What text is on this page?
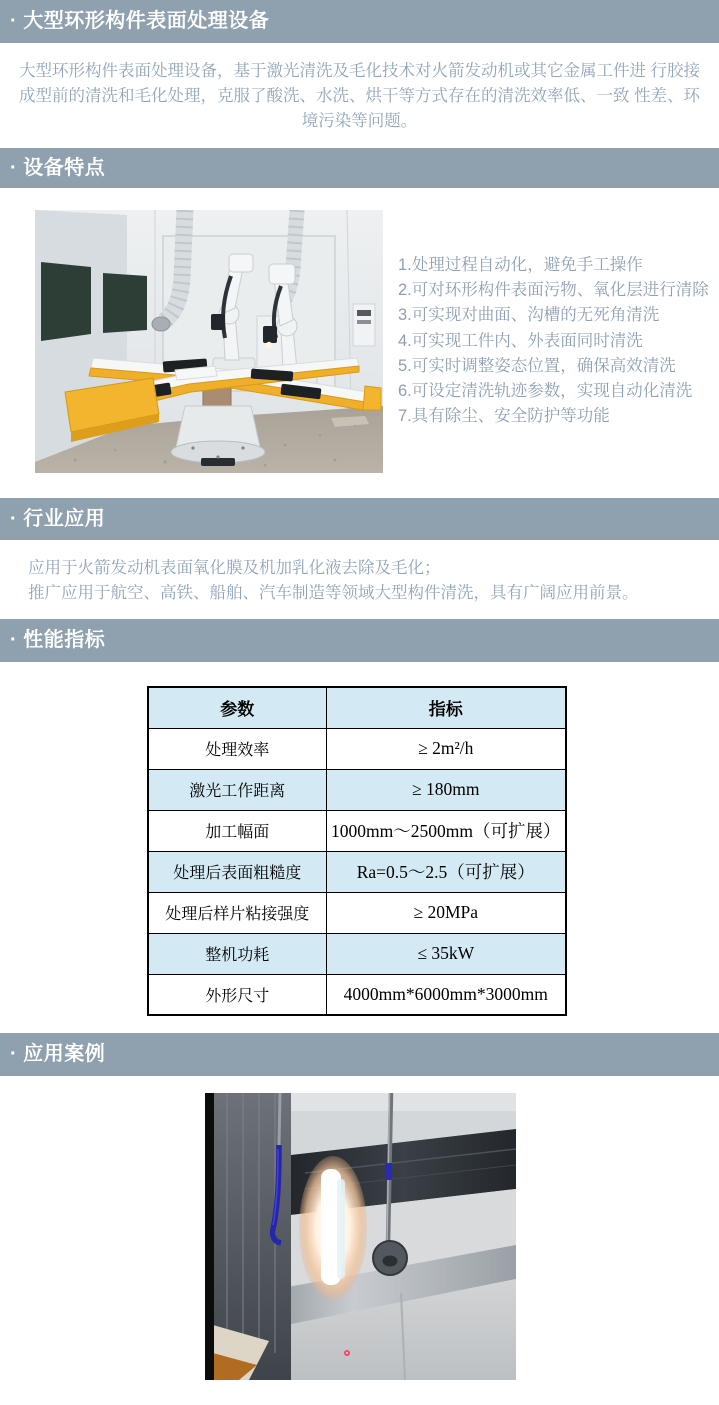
· 大型环形构件表面处理设备
大型环形构件表面处理设备，基于激光清洗及毛化技术对火箭发动机或其它金属工件进 行胶接
成型前的清洗和毛化处理，克服了酸洗、水洗、烘干等方式存在的清洗效率低、一致 性差、环
境污染等问题。
· 设备特点
1.处理过程自动化，避免手工操作
2.可对环形构件表面污物、氧化层进行清除
3.可实现对曲面、沟槽的无死角清洗
4.可实现工件内、外表面同时清洗
5.可实时调整姿态位置，确保高效清洗
6.可设定清洗轨迹参数，实现自动化清洗
7.具有除尘、安全防护等功能
· 行业应用
应用于火箭发动机表面氧化膜及机加乳化液去除及毛化；
推广应用于航空、高铁、船舶、汽车制造等领域大型构件清洗，具有广阔应用前景。
· 性能指标
参数	指标
处理效率	≥ 2m²/h
激光工作距离	≥ 180mm
加工幅面	1000mm～2500mm（可扩展）
处理后表面粗糙度	Ra=0.5～2.5（可扩展）
处理后样片粘接强度	≥ 20MPa
整机功耗	≤ 35kW
外形尺寸	4000mm*6000mm*3000mm
· 应用案例
